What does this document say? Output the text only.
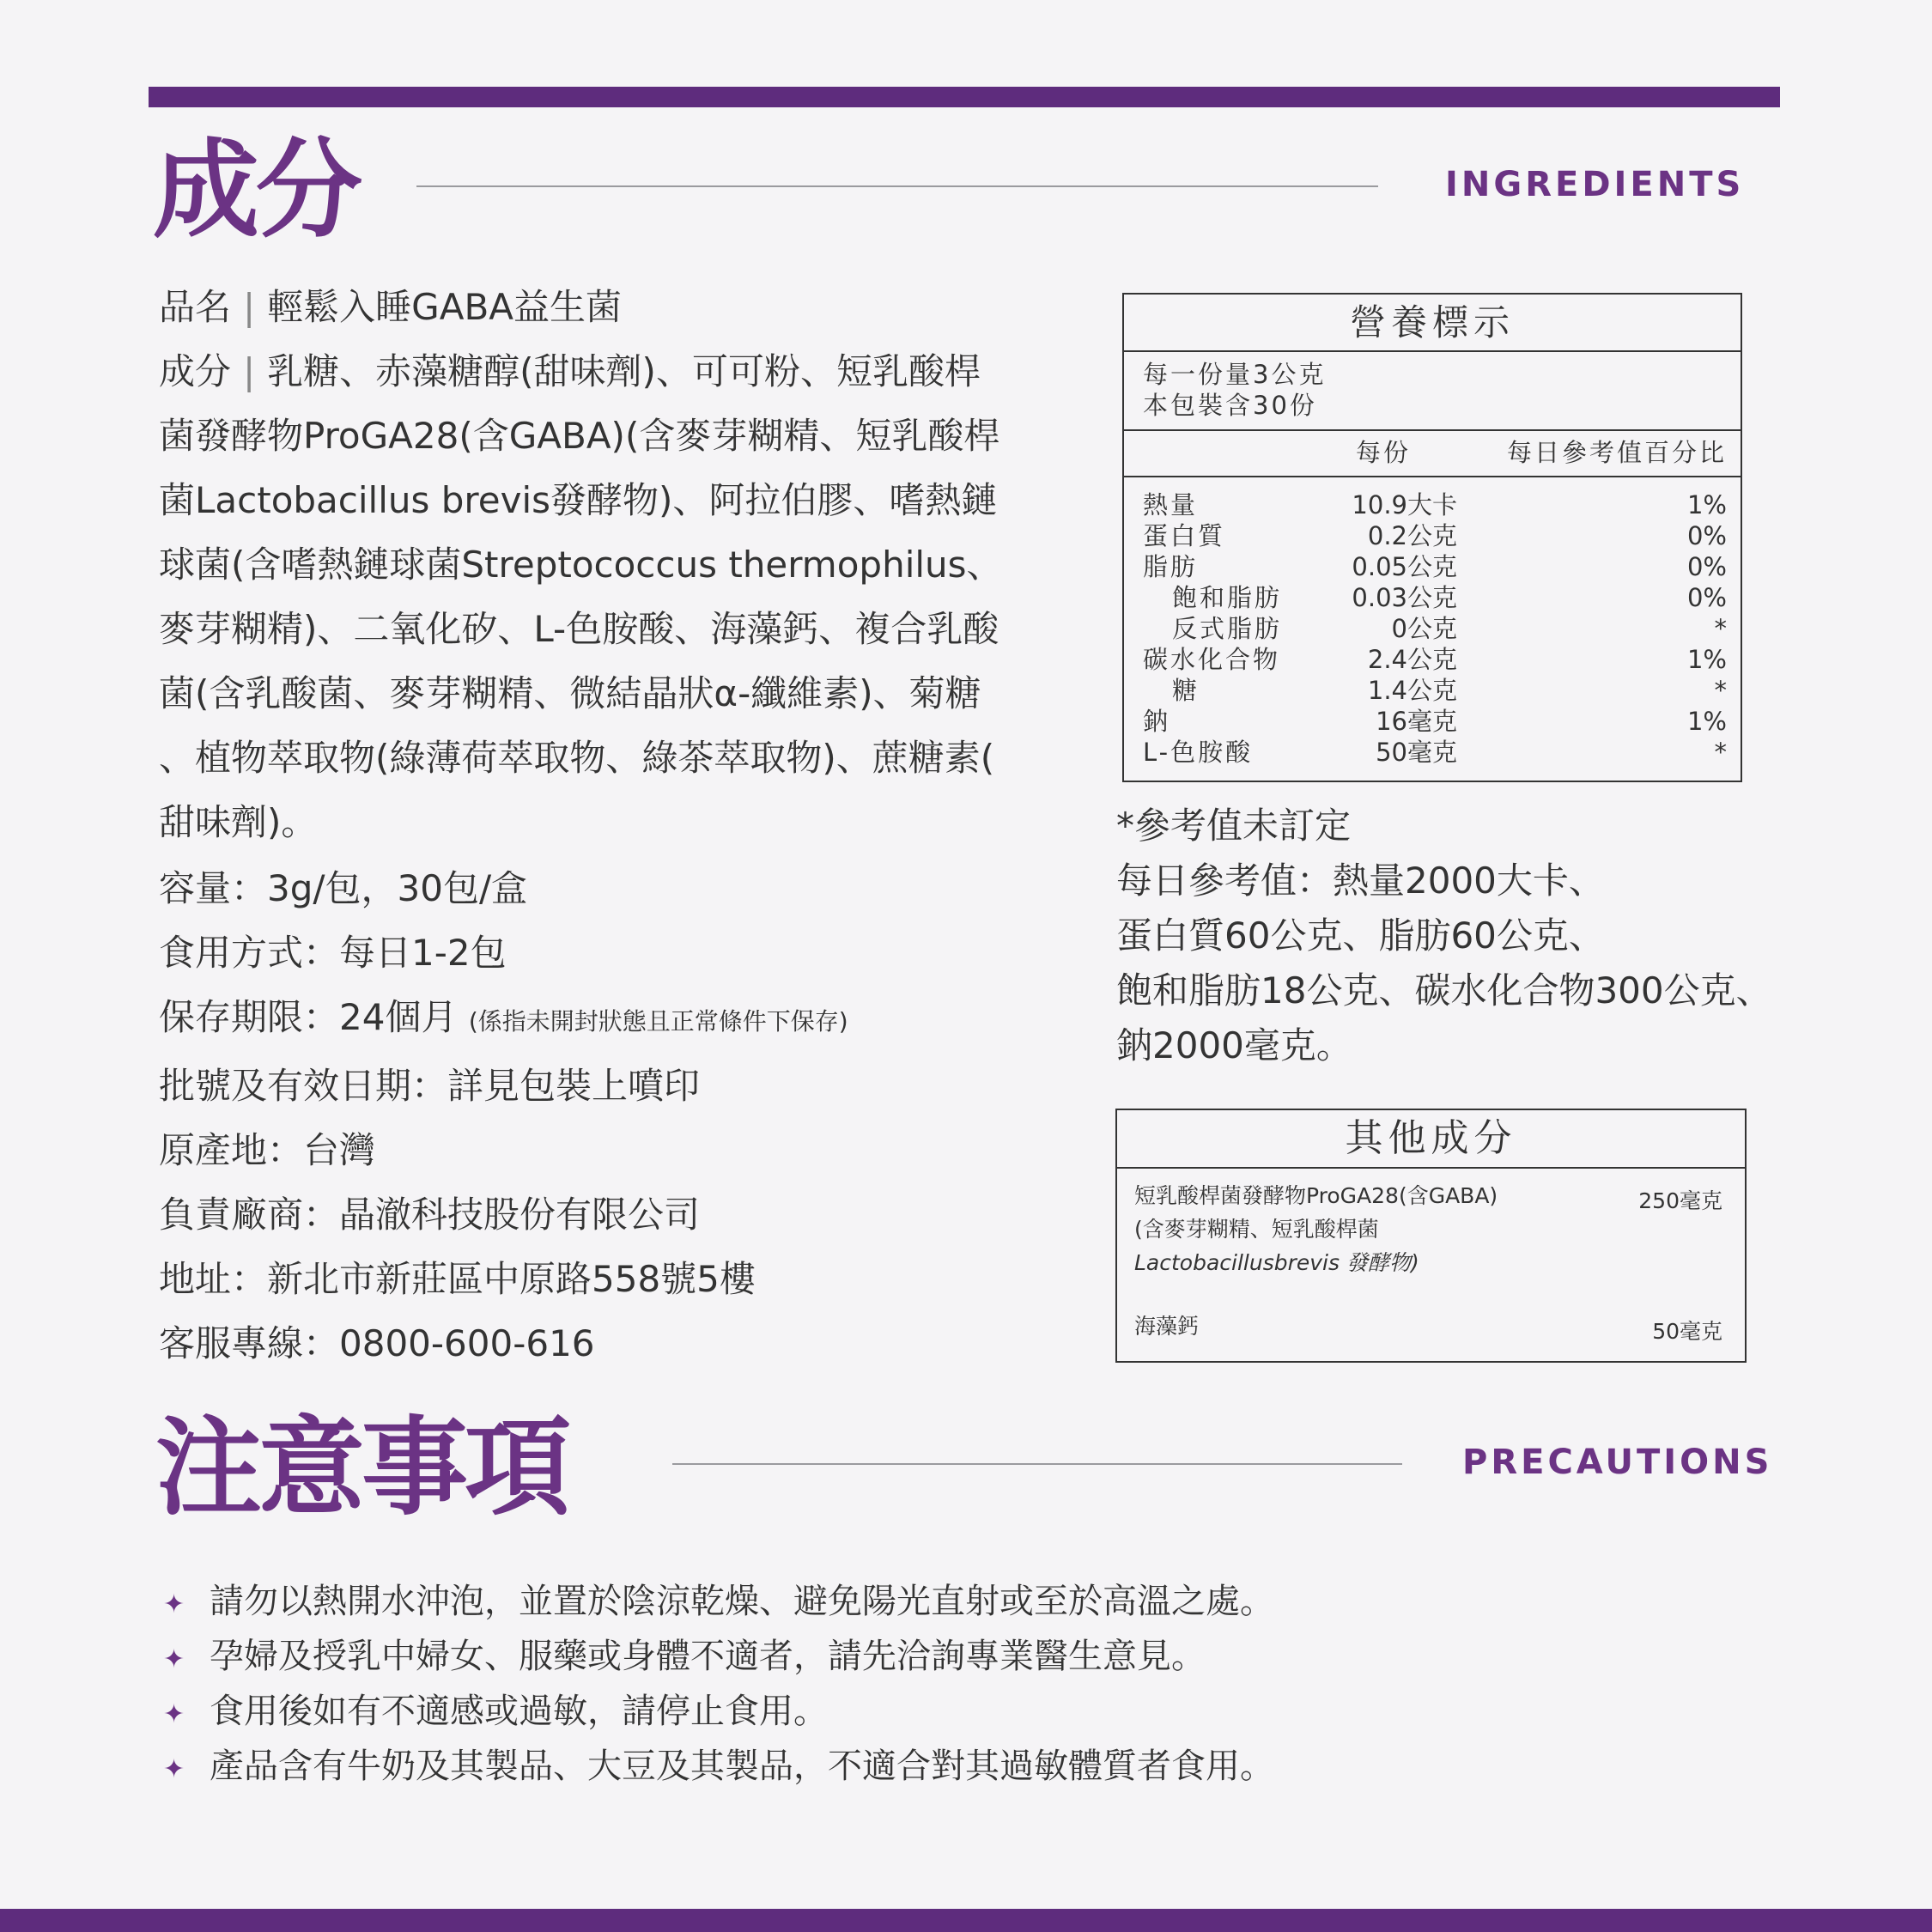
成分	INGREDIENTS
品名 | 輕鬆入睡GABA益生菌
成分 | 乳糖、赤藻糖醇(甜味劑)、可可粉、短乳酸桿
菌發酵物ProGA28(含GABA)(含麥芽糊精、短乳酸桿
菌Lactobacillus brevis發酵物)、阿拉伯膠、嗜熱鏈
球菌(含嗜熱鏈球菌Streptococcus thermophilus、
麥芽糊精)、二氧化矽、L-色胺酸、海藻鈣、複合乳酸
菌(含乳酸菌、麥芽糊精、微結晶狀α-纖維素)、菊糖
、植物萃取物(綠薄荷萃取物、綠茶萃取物)、蔗糖素(
甜味劑)。
容量：3g/包，30包/盒
食用方式：每日1-2包
保存期限：24個月 (係指未開封狀態且正常條件下保存)
批號及有效日期：詳見包裝上噴印
原產地：台灣
負責廠商：晶澈科技股份有限公司
地址：新北市新莊區中原路558號5樓
客服專線：0800-600-616
營養標示
每一份量3公克
本包裝含30份
每份	每日參考值百分比
熱量	10.9大卡	1%
蛋白質	0.2公克	0%
脂肪	0.05公克	0%
飽和脂肪	0.03公克	0%
反式脂肪	0公克	*
碳水化合物	2.4公克	1%
糖	1.4公克	*
鈉	16毫克	1%
L-色胺酸	50毫克	*

*參考值未訂定

每日參考值：熱量2000大卡、

蛋白質60公克、脂肪60公克、

飽和脂肪18公克、碳水化合物300公克、

鈉2000毫克。

其他成分
短乳酸桿菌發酵物ProGA28(含GABA)
(含麥芽糊精、短乳酸桿菌
Lactobacillusbrevis 發酵物)
250毫克
海藻鈣	50毫克
注意事項	PRECAUTIONS
✦ 請勿以熱開水沖泡，並置於陰涼乾燥、避免陽光直射或至於高溫之處。
✦ 孕婦及授乳中婦女、服藥或身體不適者，請先洽詢專業醫生意見。
✦ 食用後如有不適感或過敏，請停止食用。
✦ 產品含有牛奶及其製品、大豆及其製品，不適合對其過敏體質者食用。
